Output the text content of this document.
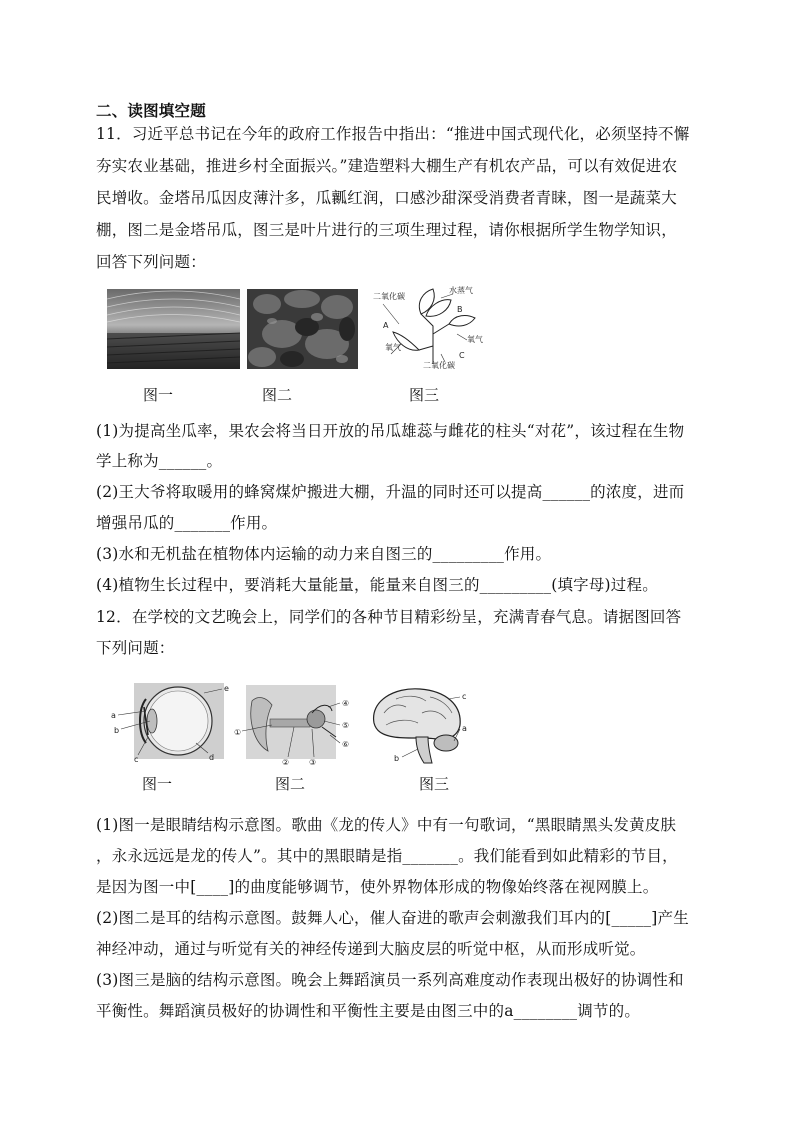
二、读图填空题
11．习近平总书记在今年的政府工作报告中指出：“推进中国式现代化，必须坚持不懈
夯实农业基础，推进乡村全面振兴。”建造塑料大棚生产有机农产品，可以有效促进农
民增收。金塔吊瓜因皮薄汁多，瓜瓤红润，口感沙甜深受消费者青睐，图一是蔬菜大
棚，图二是金塔吊瓜，图三是叶片进行的三项生理过程，请你根据所学生物学知识，
回答下列问题：
二氧化碳
水蒸气
A
B
C
氧气
氧气
二氧化碳
图一	图二	图三
(1)为提高坐瓜率，果农会将当日开放的吊瓜雄蕊与雌花的柱头“对花”，该过程在生物
学上称为______。
(2)王大爷将取暖用的蜂窝煤炉搬进大棚，升温的同时还可以提高______的浓度，进而
增强吊瓜的_______作用。
(3)水和无机盐在植物体内运输的动力来自图三的_________作用。
(4)植物生长过程中，要消耗大量能量，能量来自图三的_________(填字母)过程。
12．在学校的文艺晚会上，同学们的各种节目精彩纷呈，充满青春气息。请据图回答
下列问题：
a
b
c	d
e
①
② ③
④
⑤
⑥
c
a
b
图一	图二	图三
(1)图一是眼睛结构示意图。歌曲《龙的传人》中有一句歌词，“黑眼睛黑头发黄皮肤
，永永远远是龙的传人”。其中的黑眼睛是指_______。我们能看到如此精彩的节目，
是因为图一中[____]的曲度能够调节，使外界物体形成的物像始终落在视网膜上。
(2)图二是耳的结构示意图。鼓舞人心，催人奋进的歌声会刺激我们耳内的[_____]产生
神经冲动，通过与听觉有关的神经传递到大脑皮层的听觉中枢，从而形成听觉。
(3)图三是脑的结构示意图。晚会上舞蹈演员一系列高难度动作表现出极好的协调性和
平衡性。舞蹈演员极好的协调性和平衡性主要是由图三中的a________调节的。
